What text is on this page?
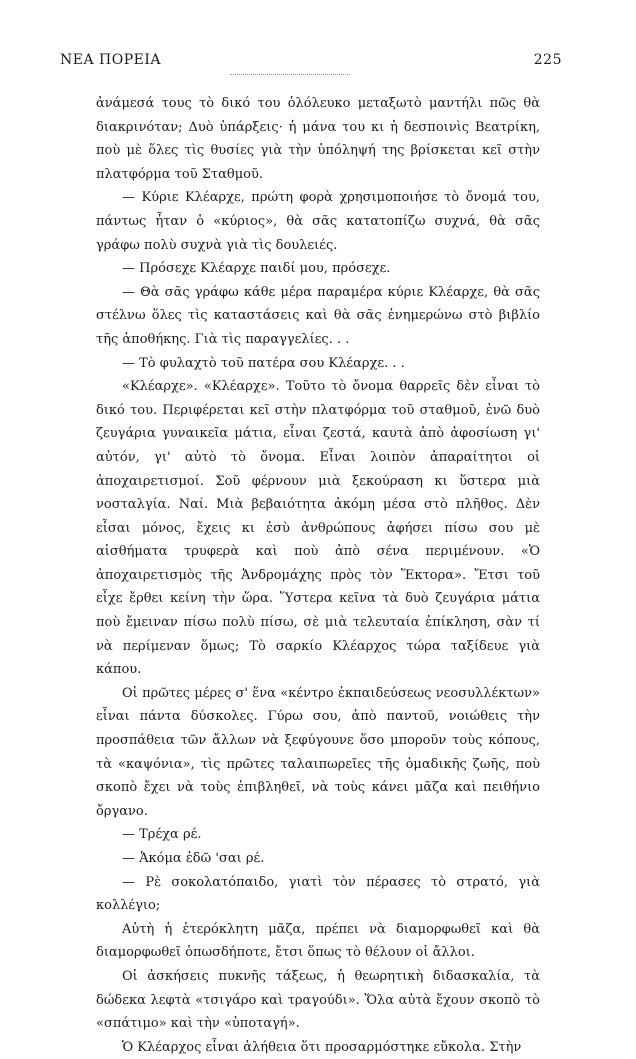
ΝΕΑ ΠΟΡΕΙΑ	225

ἀνάμεσά τους τὸ δικό του ὁλόλευκο μεταξωτὸ μαντήλι πῶς θὰ διακρινόταν; Δυὸ ὑπάρξεις· ἡ μάνα του κι ἡ δεσποινὶς Βεατρίκη, ποὺ μὲ ὅλες τὶς θυσίες γιὰ τὴν ὑπόληψή της βρίσκεται κεῖ στὴν πλατφόρμα τοῦ Σταθμοῦ.

— Κύριε Κλέαρχε, πρώτη φορὰ χρησιμοποιήσε τὸ ὄνομά του, πάντως ἦταν ὁ «κύριος», θὰ σᾶς κατατοπίζω συχνά, θὰ σᾶς γράφω πολὺ συχνὰ γιὰ τὶς δουλειές.

— Πρόσεχε Κλέαρχε παιδί μου, πρόσεχε.

— Θὰ σᾶς γράφω κάθε μέρα παραμέρα κύριε Κλέαρχε, θὰ σᾶς στέλνω ὅλες τὶς καταστάσεις καὶ θὰ σᾶς ἐνημερώνω στὸ βιβλίο τῆς ἀποθήκης. Γιὰ τὶς παραγγελίες. . .

— Τὸ φυλαχτὸ τοῦ πατέρα σου Κλέαρχε. . .

«Κλέαρχε». «Κλέαρχε». Τοῦτο τὸ ὄνομα θαρρεῖς δὲν εἶναι τὸ δικό του. Περιφέρεται κεῖ στὴν πλατφόρμα τοῦ σταθμοῦ, ἐνῶ δυὸ ζευγάρια γυναικεῖα μάτια, εἶναι ζεστά, καυτὰ ἀπὸ ἀφοσίωση γι' αὐτόν, γι' αὐτὸ τὸ ὄνομα. Εἶναι λοιπὸν ἀπαραίτητοι οἱ ἀποχαιρετισμοί. Σοῦ φέρνουν μιὰ ξεκούραση κι ὕστερα μιὰ νοσταλγία. Ναί. Μιὰ βεβαιότητα ἀκόμη μέσα στὸ πλῆθος. Δὲν εἶσαι μόνος, ἔχεις κι ἐσὺ ἀνθρώπους ἀφήσει πίσω σου μὲ αἰσθήματα τρυφερὰ καὶ ποὺ ἀπὸ σένα περιμένουν. «Ὁ ἀποχαιρετισμὸς τῆς Ἀνδρομάχης πρὸς τὸν Ἕκτορα». Ἔτσι τοῦ εἶχε ἔρθει κείνη τὴν ὥρα. Ὕστερα κεῖνα τὰ δυὸ ζευγάρια μάτια ποὺ ἔμειναν πίσω πολὺ πίσω, σὲ μιὰ τελευταία ἐπίκληση, σὰν τί νὰ περίμεναν ὅμως; Τὸ σαρκίο Κλέαρχος τώρα ταξίδευε γιὰ κάπου.

Οἱ πρῶτες μέρες σ' ἕνα «κέντρο ἐκπαιδεύσεως νεοσυλλέκτων» εἶναι πάντα δύσκολες. Γύρω σου, ἀπὸ παντοῦ, νοιώθεις τὴν προσπάθεια τῶν ἄλλων νὰ ξεφύγουνε ὅσο μποροῦν τοὺς κόπους, τὰ «καψόνια», τὶς πρῶτες ταλαιπωρεῖες τῆς ὁμαδικῆς ζωῆς, ποὺ σκοπὸ ἔχει νὰ τοὺς ἐπιβληθεῖ, νὰ τοὺς κάνει μᾶζα καὶ πειθήνιο ὄργανο.

— Τρέχα ρέ.

— Ἀκόμα ἐδῶ 'σαι ρέ.

— Ρὲ σοκολατόπαιδο, γιατὶ τὸν πέρασες τὸ στρατό, γιὰ κολλέγιο;

Αὐτὴ ἡ ἑτερόκλητη μᾶζα, πρέπει νὰ διαμορφωθεῖ καὶ θὰ διαμορφωθεῖ ὁπωσδήποτε, ἔτσι ὅπως τὸ θέλουν οἱ ἄλλοι.

Οἱ ἀσκήσεις πυκνῆς τάξεως, ἡ θεωρητικὴ διδασκαλία, τὰ δώδεκα λεφτὰ «τσιγάρο καὶ τραγούδι». Ὅλα αὐτὰ ἔχουν σκοπὸ τὸ «σπάτιμο» καὶ τὴν «ὑποταγή».

Ὁ Κλέαρχος εἶναι ἀλήθεια ὅτι προσαρμόστηκε εὔκολα. Στὴν
